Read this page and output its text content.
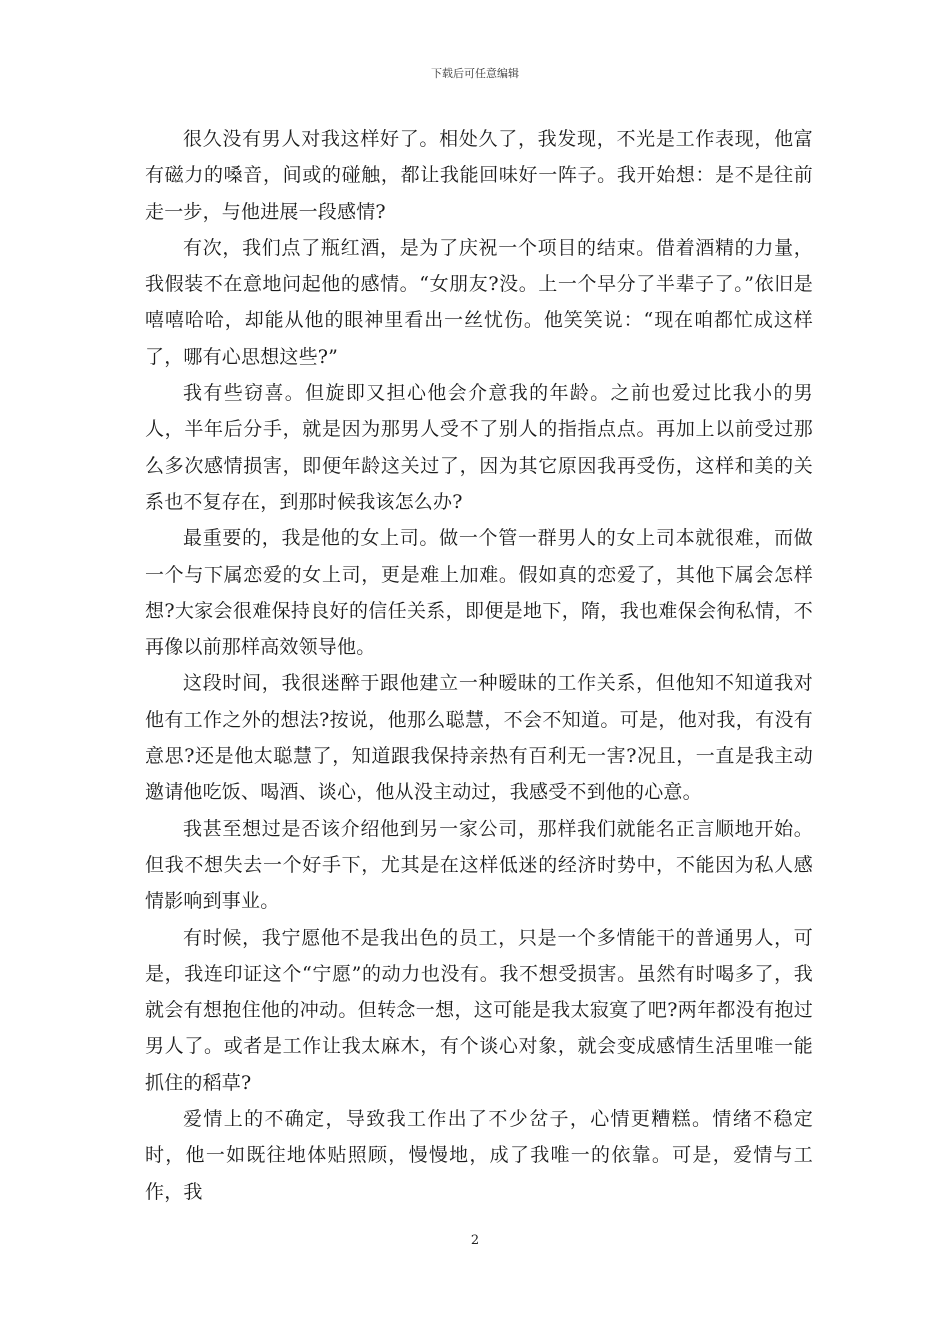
下载后可任意编辑

很久没有男人对我这样好了。相处久了，我发现，不光是工作表现，他富有磁力的嗓音，间或的碰触，都让我能回味好一阵子。我开始想：是不是往前走一步，与他进展一段感情?

有次，我们点了瓶红酒，是为了庆祝一个项目的结束。借着酒精的力量，我假装不在意地问起他的感情。“女朋友?没。上一个早分了半辈子了。”依旧是嘻嘻哈哈，却能从他的眼神里看出一丝忧伤。他笑笑说：“现在咱都忙成这样了，哪有心思想这些?”

我有些窃喜。但旋即又担心他会介意我的年龄。之前也爱过比我小的男人，半年后分手，就是因为那男人受不了别人的指指点点。再加上以前受过那么多次感情损害，即便年龄这关过了，因为其它原因我再受伤，这样和美的关系也不复存在，到那时候我该怎么办?

最重要的，我是他的女上司。做一个管一群男人的女上司本就很难，而做一个与下属恋爱的女上司，更是难上加难。假如真的恋爱了，其他下属会怎样想?大家会很难保持良好的信任关系，即便是地下，隋，我也难保会徇私情，不再像以前那样高效领导他。

这段时间，我很迷醉于跟他建立一种暧昧的工作关系，但他知不知道我对他有工作之外的想法?按说，他那么聪慧，不会不知道。可是，他对我，有没有意思?还是他太聪慧了，知道跟我保持亲热有百利无一害?况且，一直是我主动邀请他吃饭、喝酒、谈心，他从没主动过，我感受不到他的心意。

我甚至想过是否该介绍他到另一家公司，那样我们就能名正言顺地开始。但我不想失去一个好手下，尤其是在这样低迷的经济时势中，不能因为私人感情影响到事业。

有时候，我宁愿他不是我出色的员工，只是一个多情能干的普通男人，可是，我连印证这个“宁愿”的动力也没有。我不想受损害。虽然有时喝多了，我就会有想抱住他的冲动。但转念一想，这可能是我太寂寞了吧?两年都没有抱过男人了。或者是工作让我太麻木，有个谈心对象，就会变成感情生活里唯一能抓住的稻草?

爱情上的不确定，导致我工作出了不少岔子，心情更糟糕。情绪不稳定时，他一如既往地体贴照顾，慢慢地，成了我唯一的依靠。可是，爱情与工作，我

2
